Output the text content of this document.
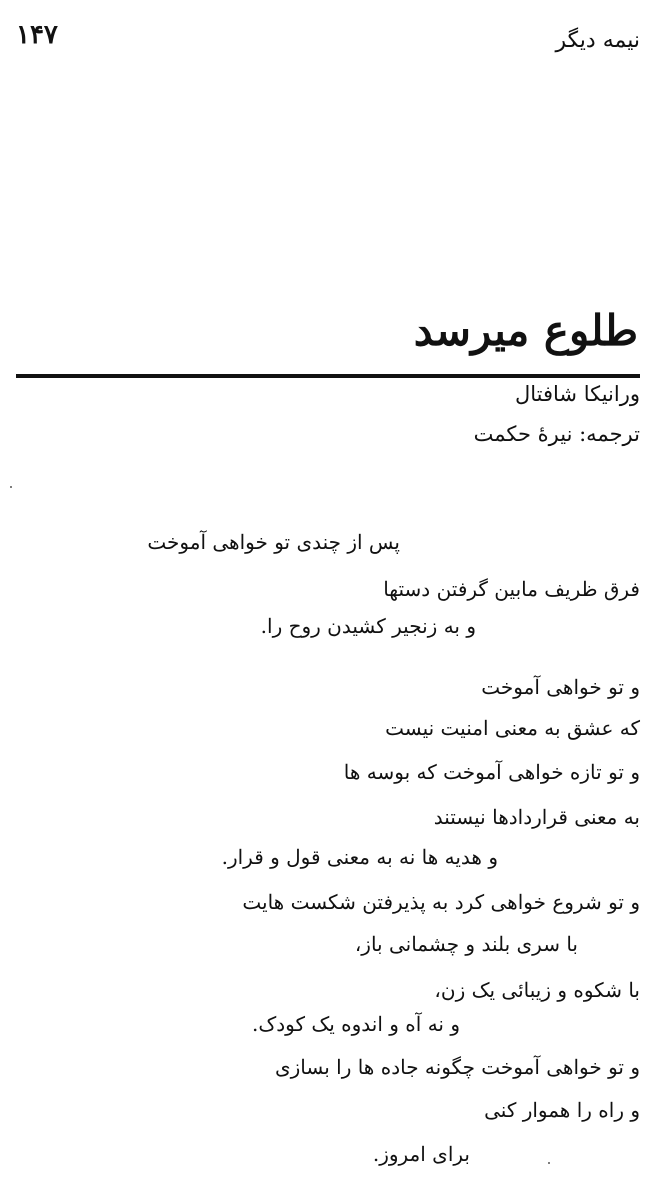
نیمه دیگر
۱۴۷
طلوع میرسد
ورانیکا شافتال
ترجمه: نیرهٔ حکمت
پس از چندی تو خواهی آموخت
فرق ظریف مابین گرفتن دستها
و به زنجیر کشیدن روح را.
و تو خواهی آموخت
که عشق به معنی امنیت نیست
و تو تازه خواهی آموخت که بوسه ها
به معنی قراردادها نیستند
و هدیه ها نه به معنی قول و قرار.
و تو شروع خواهی کرد به پذیرفتن شکست هایت
با سری بلند و چشمانی باز،
با شکوه و زیبائی یک زن،
و نه آه و اندوه یک کودک.
و تو خواهی آموخت چگونه جاده ها را بسازی
و راه را هموار کنی
برای امروز.
